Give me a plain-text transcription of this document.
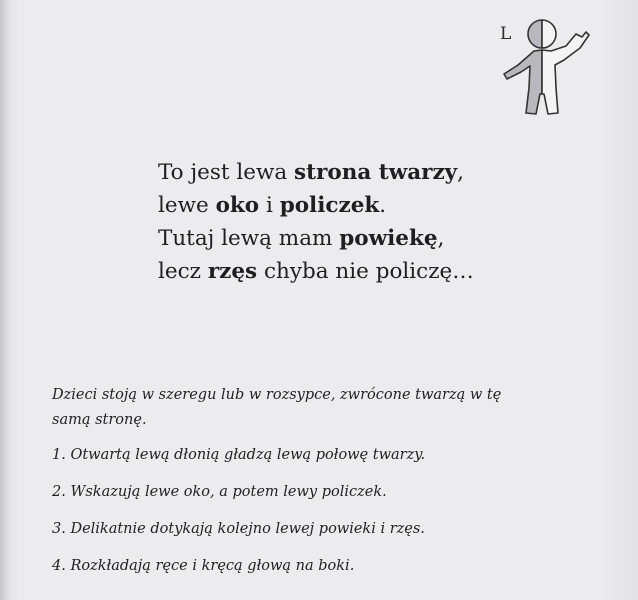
L
To jest lewa strona twarzy,
lewe oko i policzek.
Tutaj lewą mam powiekę,
lecz rzęs chyba nie policzę…
Dzieci stoją w szeregu lub w rozsypce, zwrócone twarzą w tę
samą stronę.
1. Otwartą lewą dłonią gładzą lewą połowę twarzy.
2. Wskazują lewe oko, a potem lewy policzek.
3. Delikatnie dotykają kolejno lewej powieki i rzęs.
4. Rozkładają ręce i kręcą głową na boki.
